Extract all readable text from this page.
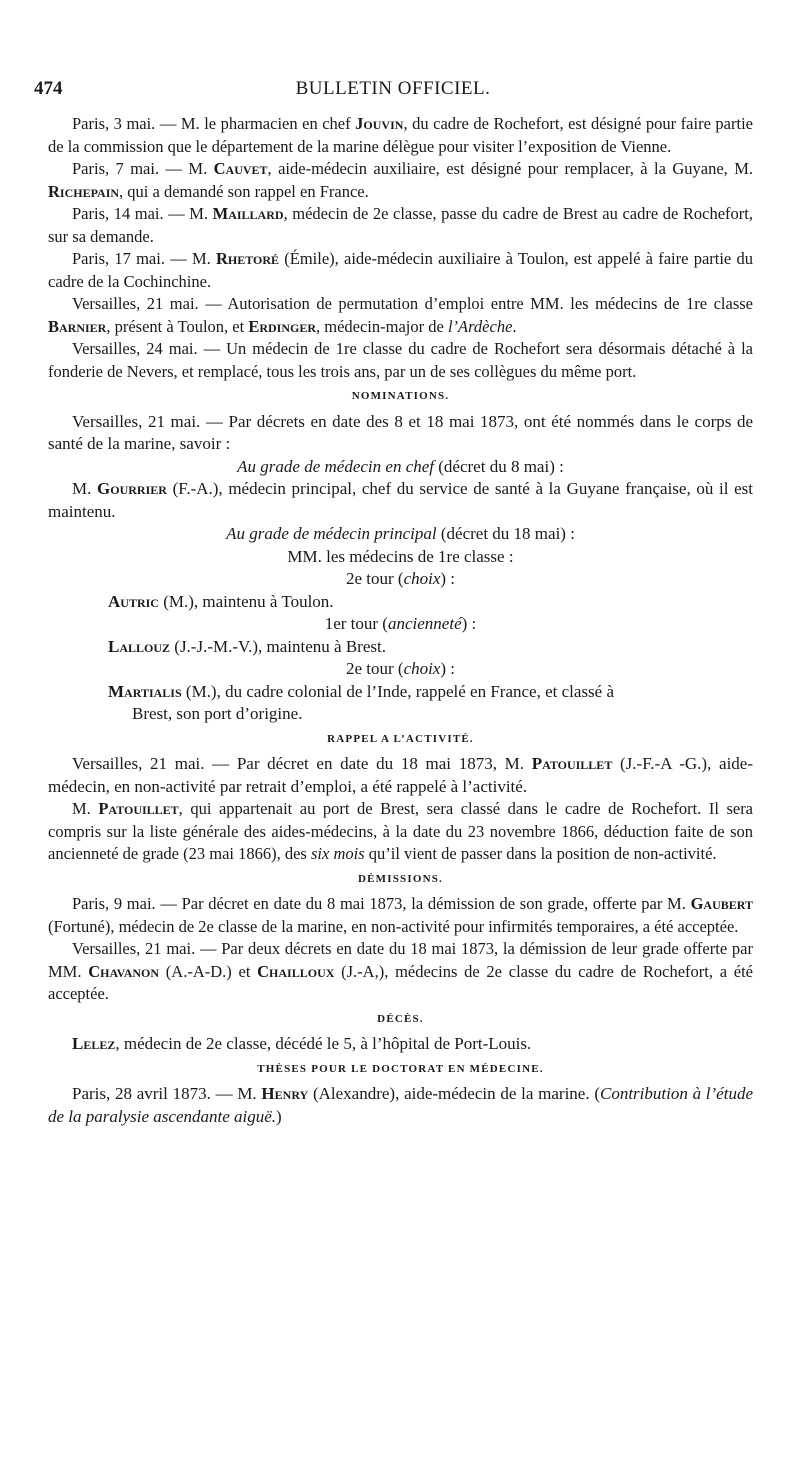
474	BULLETIN OFFICIEL.

Paris, 3 mai. — M. le pharmacien en chef Jouvin, du cadre de Rochefort, est désigné pour faire partie de la commission que le département de la marine délègue pour visiter l’exposition de Vienne.

Paris, 7 mai. — M. Cauvet, aide-médecin auxiliaire, est désigné pour remplacer, à la Guyane, M. Richepain, qui a demandé son rappel en France.

Paris, 14 mai. — M. Maillard, médecin de 2e classe, passe du cadre de Brest au cadre de Rochefort, sur sa demande.

Paris, 17 mai. — M. Rhetoré (Émile), aide-médecin auxiliaire à Toulon, est appelé à faire partie du cadre de la Cochinchine.

Versailles, 21 mai. — Autorisation de permutation d’emploi entre MM. les médecins de 1re classe Barnier, présent à Toulon, et Erdinger, médecin-major de l’Ardèche.

Versailles, 24 mai. — Un médecin de 1re classe du cadre de Rochefort sera désormais détaché à la fonderie de Nevers, et remplacé, tous les trois ans, par un de ses collègues du même port.

NOMINATIONS.

Versailles, 21 mai. — Par décrets en date des 8 et 18 mai 1873, ont été nommés dans le corps de santé de la marine, savoir :

Au grade de médecin en chef (décret du 8 mai) :

M. Gourrier (F.-A.), médecin principal, chef du service de santé à la Guyane française, où il est maintenu.

Au grade de médecin principal (décret du 18 mai) :

MM. les médecins de 1re classe :

2e tour (choix) :

Autric (M.), maintenu à Toulon.

1er tour (ancienneté) :

Lallouz (J.-J.-M.-V.), maintenu à Brest.

2e tour (choix) :

Martialis (M.), du cadre colonial de l’Inde, rappelé en France, et classé à

Brest, son port d’origine.

RAPPEL A L’ACTIVITÉ.

Versailles, 21 mai. — Par décret en date du 18 mai 1873, M. Patouillet (J.-F.-A -G.), aide-médecin, en non-activité par retrait d’emploi, a été rappelé à l’activité.

M. Patouillet, qui appartenait au port de Brest, sera classé dans le cadre de Rochefort. Il sera compris sur la liste générale des aides-médecins, à la date du 23 novembre 1866, déduction faite de son ancienneté de grade (23 mai 1866), des six mois qu’il vient de passer dans la position de non-activité.

DÉMISSIONS.

Paris, 9 mai. — Par décret en date du 8 mai 1873, la démission de son grade, offerte par M. Gaubert (Fortuné), médecin de 2e classe de la marine, en non-activité pour infirmités temporaires, a été acceptée.

Versailles, 21 mai. — Par deux décrets en date du 18 mai 1873, la démission de leur grade offerte par MM. Chavanon (A.-A-D.) et Chailloux (J.-A,), médecins de 2e classe du cadre de Rochefort, a été acceptée.

DÉCÈS.

Lelez, médecin de 2e classe, décédé le 5, à l’hôpital de Port-Louis.

THÈSES POUR LE DOCTORAT EN MÉDECINE.

Paris, 28 avril 1873. — M. Henry (Alexandre), aide-médecin de la marine. (Contribution à l’étude de la paralysie ascendante aiguë.)
